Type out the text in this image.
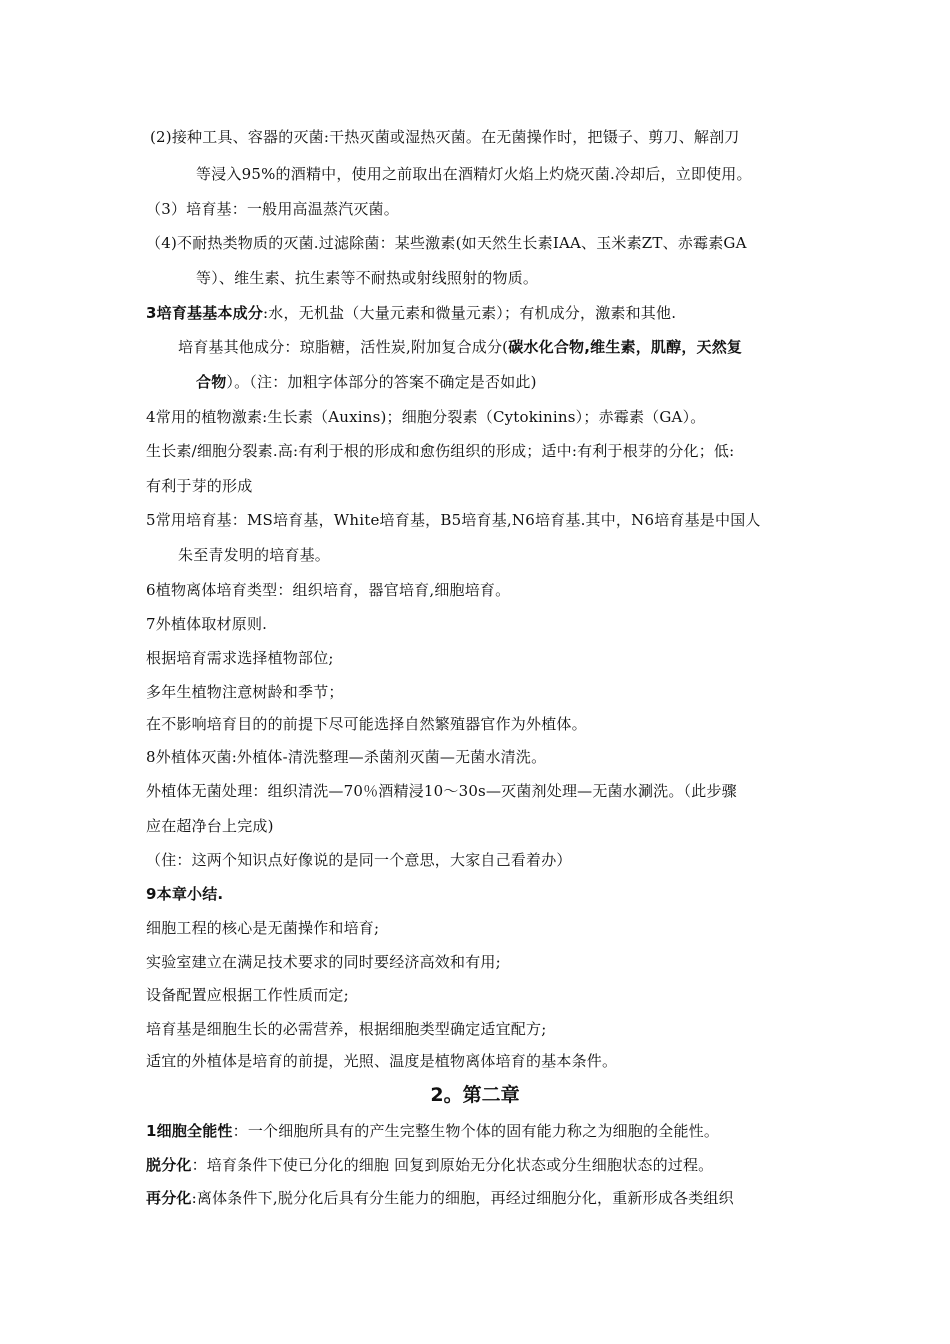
(2)接种工具、容器的灭菌:干热灭菌或湿热灭菌。在无菌操作时，把镊子、剪刀、解剖刀
等浸入95%的酒精中，使用之前取出在酒精灯火焰上灼烧灭菌.冷却后，立即使用。
（3）培育基：一般用高温蒸汽灭菌。
（4)不耐热类物质的灭菌.过滤除菌：某些激素(如天然生长素IAA、玉米素ZT、赤霉素GA
等）、维生素、抗生素等不耐热或射线照射的物质。
3培育基基本成分:水，无机盐（大量元素和微量元素）；有机成分，激素和其他.
培育基其他成分：琼脂糖，活性炭,附加复合成分(碳水化合物,维生素，肌醇，天然复
合物）。（注：加粗字体部分的答案不确定是否如此)
4常用的植物激素:生长素（Auxins)；细胞分裂素（Cytokinins）；赤霉素（GA）。
生长素/细胞分裂素.高:有利于根的形成和愈伤组织的形成；适中:有利于根芽的分化；低:
有利于芽的形成
5常用培育基：MS培育基，White培育基，B5培育基,N6培育基.其中，N6培育基是中国人
朱至青发明的培育基。
6植物离体培育类型：组织培育，器官培育,细胞培育。
7外植体取材原则.
根据培育需求选择植物部位;
多年生植物注意树龄和季节；
在不影响培育目的的前提下尽可能选择自然繁殖器官作为外植体。
8外植体灭菌:外植体-清洗整理—杀菌剂灭菌—无菌水清洗。
外植体无菌处理：组织清洗—70％酒精浸10～30s—灭菌剂处理—无菌水涮洗。（此步骤
应在超净台上完成)
（住：这两个知识点好像说的是同一个意思，大家自己看着办）
9本章小结.
细胞工程的核心是无菌操作和培育;
实验室建立在满足技术要求的同时要经济高效和有用;
设备配置应根据工作性质而定;
培育基是细胞生长的必需营养，根据细胞类型确定适宜配方;
适宜的外植体是培育的前提，光照、温度是植物离体培育的基本条件。
2。第二章
1细胞全能性：一个细胞所具有的产生完整生物个体的固有能力称之为细胞的全能性。
脱分化：培育条件下使已分化的细胞 回复到原始无分化状态或分生细胞状态的过程。
再分化:离体条件下,脱分化后具有分生能力的细胞，再经过细胞分化，重新形成各类组织
